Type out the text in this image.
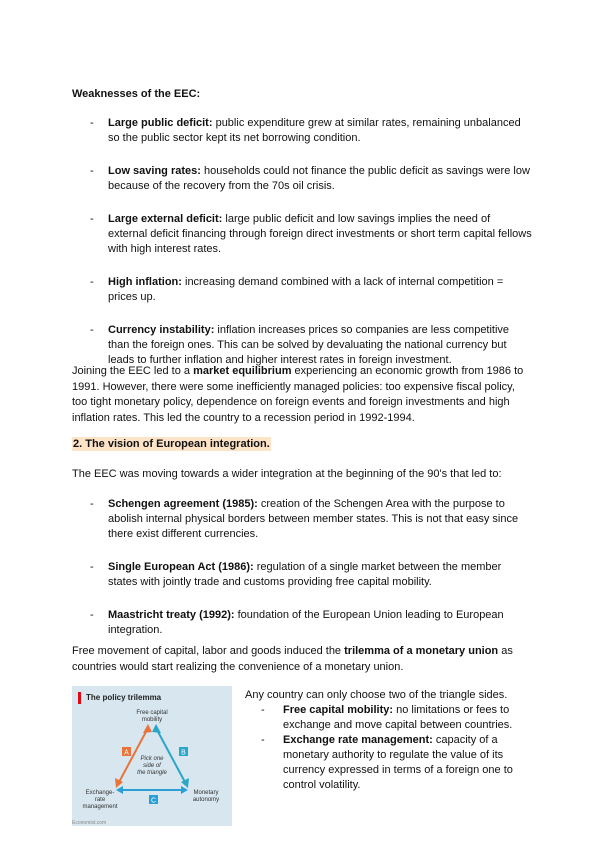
Weaknesses of the EEC:
- Large public deficit: public expenditure grew at similar rates, remaining unbalanced so the public sector kept its net borrowing condition.
- Low saving rates: households could not finance the public deficit as savings were low because of the recovery from the 70s oil crisis.
- Large external deficit: large public deficit and low savings implies the need of external deficit financing through foreign direct investments or short term capital fellows with high interest rates.
- High inflation: increasing demand combined with a lack of internal competition = prices up.
- Currency instability: inflation increases prices so companies are less competitive than the foreign ones. This can be solved by devaluating the national currency but leads to further inflation and higher interest rates in foreign investment.
Joining the EEC led to a market equilibrium experiencing an economic growth from 1986 to 1991. However, there were some inefficiently managed policies: too expensive fiscal policy, too tight monetary policy, dependence on foreign events and foreign investments and high inflation rates. This led the country to a recession period in 1992-1994.
2. The vision of European integration.
The EEC was moving towards a wider integration at the beginning of the 90's that led to:
- Schengen agreement (1985): creation of the Schengen Area with the purpose to abolish internal physical borders between member states. This is not that easy since there exist different currencies.
- Single European Act (1986): regulation of a single market between the member states with jointly trade and customs providing free capital mobility.
- Maastricht treaty (1992): foundation of the European Union leading to European integration.
Free movement of capital, labor and goods induced the trilemma of a monetary union as countries would start realizing the convenience of a monetary union.
The policy trilemma
A	B
C
Free capital
mobility
Exchange-
rate
management
Monetary
autonomy
Pick one
side of
the triangle
Economist.com
Any country can only choose two of the triangle sides.
- Free capital mobility: no limitations or fees to exchange and move capital between countries.
- Exchange rate management: capacity of a monetary authority to regulate the value of its currency expressed in terms of a foreign one to control volatility.
